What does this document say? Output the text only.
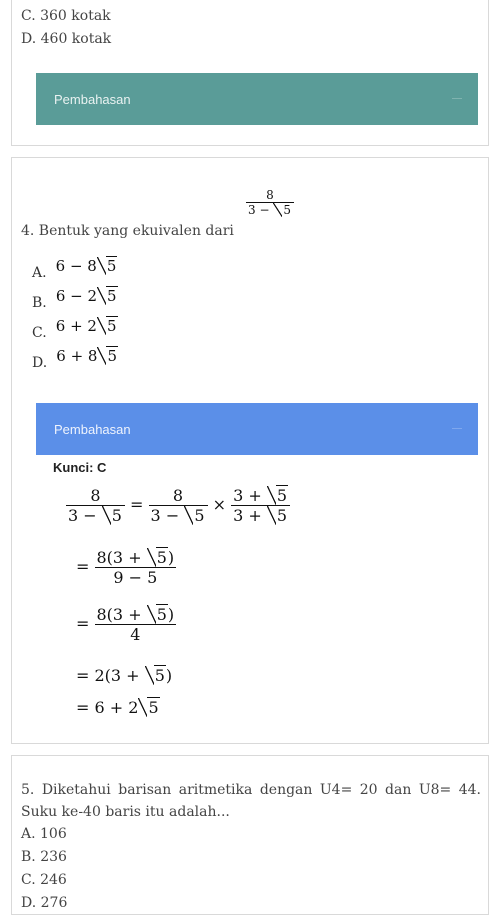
C. 360 kotak
D. 460 kotak
Pembahasan
4. Bentuk yang ekuivalen dari
$\frac{8}{3 - 5}$
A. 6 − 8 5
B. 6 − 2 5
C. 6 + 2 5
D. 6 + 8 5
Pembahasan
Kunci: C
$\frac{8}{3 - 5} = \frac{8}{3 - 5} \times \frac{3 + 5}{3 + 5}$
= $\frac{8(3 + 5)}{9 - 5}$
= $\frac{8(3 + 5)}{4}$
= 2(3 + 5)
= 6 + 2 5
5. Diketahui barisan aritmetika dengan U4= 20 dan U8= 44.
Suku ke-40 baris itu adalah...
A. 106
B. 236
C. 246
D. 276
